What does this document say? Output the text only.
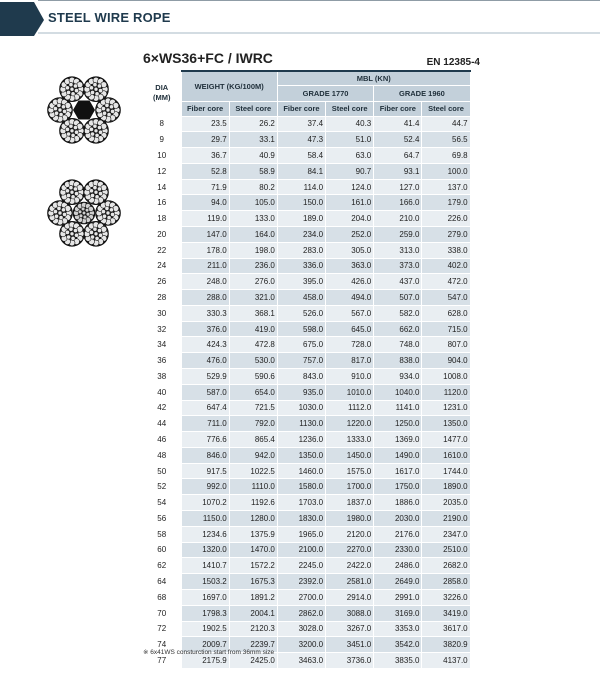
STEEL WIRE ROPE
6×WS36+FC / IWRC	EN 12385-4
DIA
(MM)	WEIGHT (KG/100M)		MBL (KN)			
			GRADE 1770		GRADE 1960	
	Fiber core	Steel core	Fiber core	Steel core	Fiber core	Steel core
8	23.5	26.2	37.4	40.3	41.4	44.7
9	29.7	33.1	47.3	51.0	52.4	56.5
10	36.7	40.9	58.4	63.0	64.7	69.8
12	52.8	58.9	84.1	90.7	93.1	100.0
14	71.9	80.2	114.0	124.0	127.0	137.0
16	94.0	105.0	150.0	161.0	166.0	179.0
18	119.0	133.0	189.0	204.0	210.0	226.0
20	147.0	164.0	234.0	252.0	259.0	279.0
22	178.0	198.0	283.0	305.0	313.0	338.0
24	211.0	236.0	336.0	363.0	373.0	402.0
26	248.0	276.0	395.0	426.0	437.0	472.0
28	288.0	321.0	458.0	494.0	507.0	547.0
30	330.3	368.1	526.0	567.0	582.0	628.0
32	376.0	419.0	598.0	645.0	662.0	715.0
34	424.3	472.8	675.0	728.0	748.0	807.0
36	476.0	530.0	757.0	817.0	838.0	904.0
38	529.9	590.6	843.0	910.0	934.0	1008.0
40	587.0	654.0	935.0	1010.0	1040.0	1120.0
42	647.4	721.5	1030.0	1112.0	1141.0	1231.0
44	711.0	792.0	1130.0	1220.0	1250.0	1350.0
46	776.6	865.4	1236.0	1333.0	1369.0	1477.0
48	846.0	942.0	1350.0	1450.0	1490.0	1610.0
50	917.5	1022.5	1460.0	1575.0	1617.0	1744.0
52	992.0	1110.0	1580.0	1700.0	1750.0	1890.0
54	1070.2	1192.6	1703.0	1837.0	1886.0	2035.0
56	1150.0	1280.0	1830.0	1980.0	2030.0	2190.0
58	1234.6	1375.9	1965.0	2120.0	2176.0	2347.0
60	1320.0	1470.0	2100.0	2270.0	2330.0	2510.0
62	1410.7	1572.2	2245.0	2422.0	2486.0	2682.0
64	1503.2	1675.3	2392.0	2581.0	2649.0	2858.0
68	1697.0	1891.2	2700.0	2914.0	2991.0	3226.0
70	1798.3	2004.1	2862.0	3088.0	3169.0	3419.0
72	1902.5	2120.3	3028.0	3267.0	3353.0	3617.0
74	2009.7	2239.7	3200.0	3451.0	3542.0	3820.9
77	2175.9	2425.0	3463.0	3736.0	3835.0	4137.0
※ 6x41WS consturction start from 36mm size
